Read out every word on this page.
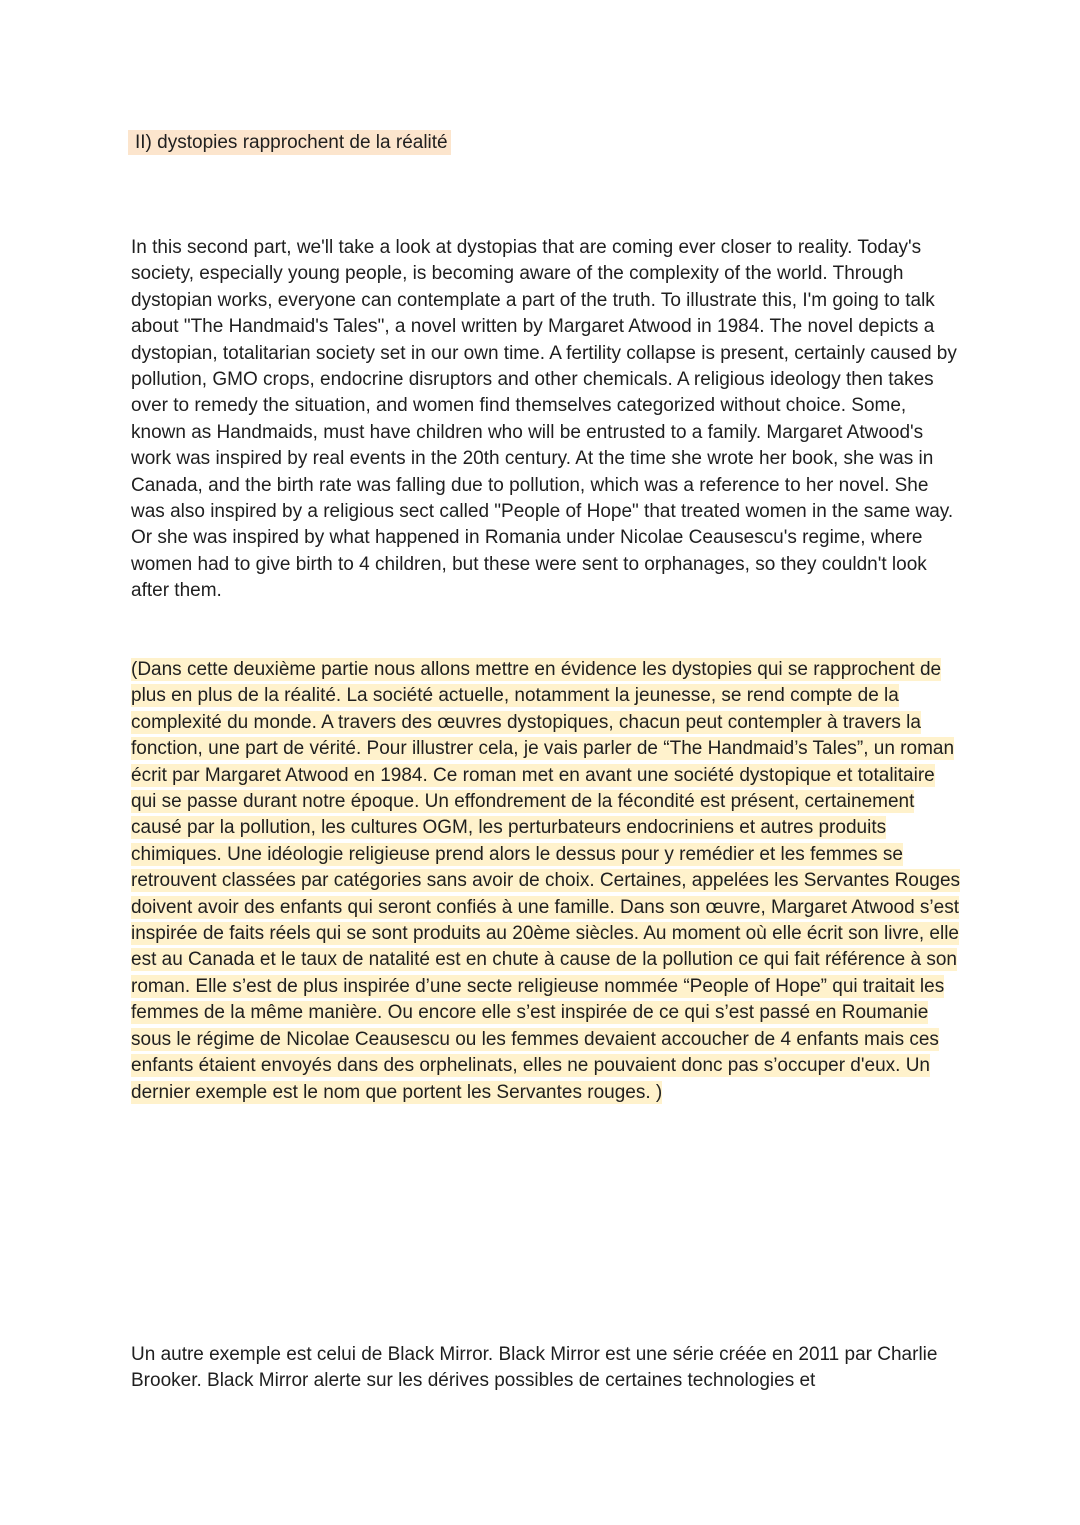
II) dystopies rapprochent de la réalité

In this second part, we'll take a look at dystopias that are coming ever closer to reality. Today's society, especially young people, is becoming aware of the complexity of the world. Through dystopian works, everyone can contemplate a part of the truth. To illustrate this, I'm going to talk about "The Handmaid's Tales", a novel written by Margaret Atwood in 1984. The novel depicts a dystopian, totalitarian society set in our own time. A fertility collapse is present, certainly caused by pollution, GMO crops, endocrine disruptors and other chemicals. A religious ideology then takes over to remedy the situation, and women find themselves categorized without choice. Some, known as Handmaids, must have children who will be entrusted to a family. Margaret Atwood's work was inspired by real events in the 20th century. At the time she wrote her book, she was in Canada, and the birth rate was falling due to pollution, which was a reference to her novel. She was also inspired by a religious sect called "People of Hope" that treated women in the same way. Or she was inspired by what happened in Romania under Nicolae Ceausescu's regime, where women had to give birth to 4 children, but these were sent to orphanages, so they couldn't look after them.

(Dans cette deuxième partie nous allons mettre en évidence les dystopies qui se rapprochent de plus en plus de la réalité. La société actuelle, notamment la jeunesse, se rend compte de la complexité du monde. A travers des œuvres dystopiques, chacun peut contempler à travers la fonction, une part de vérité. Pour illustrer cela, je vais parler de “The Handmaid’s Tales”, un roman écrit par Margaret Atwood en 1984. Ce roman met en avant une société dystopique et totalitaire qui se passe durant notre époque. Un effondrement de la fécondité est présent, certainement causé par la pollution, les cultures OGM, les perturbateurs endocriniens et autres produits chimiques. Une idéologie religieuse prend alors le dessus pour y remédier et les femmes se retrouvent classées par catégories sans avoir de choix. Certaines, appelées les Servantes Rouges doivent avoir des enfants qui seront confiés à une famille. Dans son œuvre, Margaret Atwood s’est inspirée de faits réels qui se sont produits au 20ème siècles. Au moment où elle écrit son livre, elle est au Canada et le taux de natalité est en chute à cause de la pollution ce qui fait référence à son roman. Elle s’est de plus inspirée d’une secte religieuse nommée “People of Hope” qui traitait les femmes de la même manière. Ou encore elle s’est inspirée de ce qui s’est passé en Roumanie sous le régime de Nicolae Ceausescu ou les femmes devaient accoucher de 4 enfants mais ces enfants étaient envoyés dans des orphelinats, elles ne pouvaient donc pas s’occuper d'eux. Un dernier exemple est le nom que portent les Servantes rouges. )

Un autre exemple est celui de Black Mirror. Black Mirror est une série créée en 2011 par Charlie Brooker. Black Mirror alerte sur les dérives possibles de certaines technologies et
